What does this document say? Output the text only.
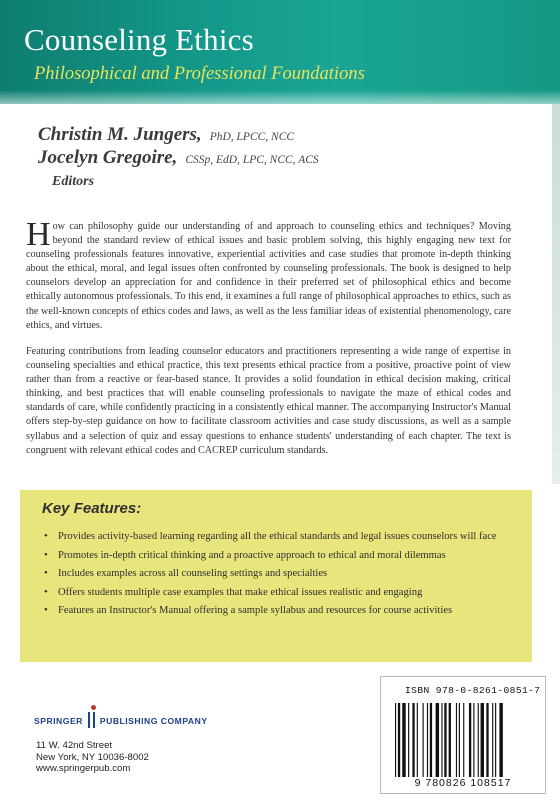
Counseling Ethics
Philosophical and Professional Foundations
Christin M. Jungers, PhD, LPCC, NCC
Jocelyn Gregoire, CSSp, EdD, LPC, NCC, ACS
Editors
How can philosophy guide our understanding of and approach to counseling ethics and techniques? Moving beyond the standard review of ethical issues and basic problem solving, this highly engaging new text for counseling professionals features innovative, experiential activities and case studies that promote in-depth thinking about the ethical, moral, and legal issues often confronted by counseling professionals. The book is designed to help counselors develop an appreciation for and confidence in their preferred set of philosophical ethics and become ethically autonomous professionals. To this end, it examines a full range of philosophical approaches to ethics, such as the well-known concepts of ethics codes and laws, as well as the less familiar ideas of existential phenomenology, care ethics, and virtues.
Featuring contributions from leading counselor educators and practitioners representing a wide range of expertise in counseling specialties and ethical practice, this text presents ethical practice from a positive, proactive point of view rather than from a reactive or fear-based stance. It provides a solid foundation in ethical decision making, critical thinking, and best practices that will enable counseling professionals to navigate the maze of ethical codes and standards of care, while confidently practicing in a consistently ethical manner. The accompanying Instructor's Manual offers step-by-step guidance on how to facilitate classroom activities and case study discussions, as well as a sample syllabus and a selection of quiz and essay questions to enhance students' understanding of each chapter. The text is congruent with relevant ethical codes and CACREP curriculum standards.
Key Features:
• Provides activity-based learning regarding all the ethical standards and legal issues counselors will face
• Promotes in-depth critical thinking and a proactive approach to ethical and moral dilemmas
• Includes examples across all counseling settings and specialties
• Offers students multiple case examples that make ethical issues realistic and engaging
• Features an Instructor's Manual offering a sample syllabus and resources for course activities
SPRINGER PUBLISHING COMPANY
11 W. 42nd Street
New York, NY 10036-8002
www.springerpub.com
ISBN 978-0-8261-0851-7
9 780826 108517
